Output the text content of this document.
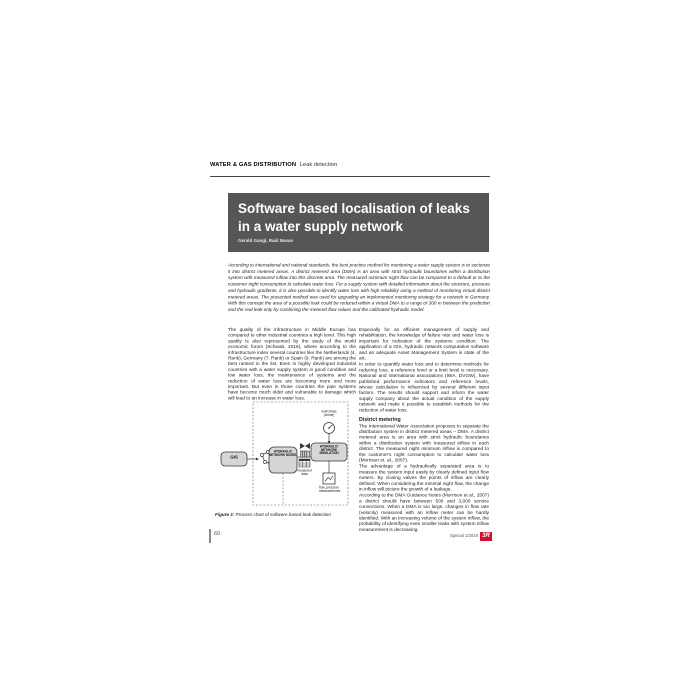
WATER & GAS DISTRIBUTION Leak detection
Software based localisation of leaks in a water supply network
Gerald Gangl, Raúl Navas
According to international and national standards, the best practice method for monitoring a water supply system is to sectorize it into district metered areas. A district metered area (DMA) is an area with strict hydraulic boundaries within a distribution system with measured inflow into this discrete area. The measured minimum night flow can be compared to a default or to the customer night consumption to calculate water loss. For a supply system with detailed information about the structure, pressure and hydraulic gradients, it is also possible to identify water loss with high reliability using a method of monitoring virtual district metered areas. The presented method was used for upgrading an implemented monitoring strategy for a network in Germany. With this concept the area of a possible leak could be reduced within a virtual DMA to a range of 300 m between the prediction and the real leak only by combining the metered flow values and the calibrated hydraulic model.

The quality of the infrastructure in Middle Europe has compared to other industrial countries a high level. This high quality is also represented by the study of the world economic forum (Schwab, 2016), where according to the infrastructure index several countries like the Netherlands (4. Rank), Germany (7. Rank) or Spain (9. Rank) are among the best ranked in the list. Even in highly developed industrial countries with a water supply system in good condition and low water loss, the maintenance of systems and the reduction of water loss are becoming more and more important. But even in those countries the pipe systems have become much older and vulnerable to damage which will lead to an increase in water loss.

Especially for an efficient management of supply and rehabilitation, the knowledge of failure rate and water loss is important for indication of the systems condition. The application of a GIS, hydraulic network computation software and an adequate Asset Management System is state of the art.

In order to quantify water loss and to determine methods for reducing loss, a reference level or a limit level is necessary. National and international associations (IWA, DVGW), have published performance indicators and reference levels, whose calculation is influenced by several different input factors. The results should support and inform the water supply company about the actual condition of the supply network and make it possible to establish methods for the reduction of water loss.

District metering

The International Water Association proposes to separate the distribution system in district metered areas – DMA. A district metered area is an area with strict hydraulic boundaries within a distribution system with measured inflow in each district. The measured night minimum inflow is compared to the customer's night consumption to calculate water loss (Morrison et. al., 2007).

The advantage of a hydraulically separated area is to measure the system input easily by clearly defined input flow meters. By closing valves the points of inflow are clearly defined. When considering the minimal night flow, the change in inflow will picture the growth of a leakage.

According to the DMA Guidance Notes (Morrison et al., 2007) a district should have between 500 and 3,000 service connections. When a DMA is too large, changes in flow rate (velocity) measured with an inflow meter can be hardly identified. With an increasing volume of the system inflow, the probability of identifying even smaller leaks with system inflow measurement is decreasing.

GIS
HYDRAULIC NETWORK MODEL
HYDRAULIC NETWORK SIMULATION
main flows (online)
measured data
flow, pressure measurements
Figure 1: Process chart of software based leak detection
60	Special 1/2016 3R
